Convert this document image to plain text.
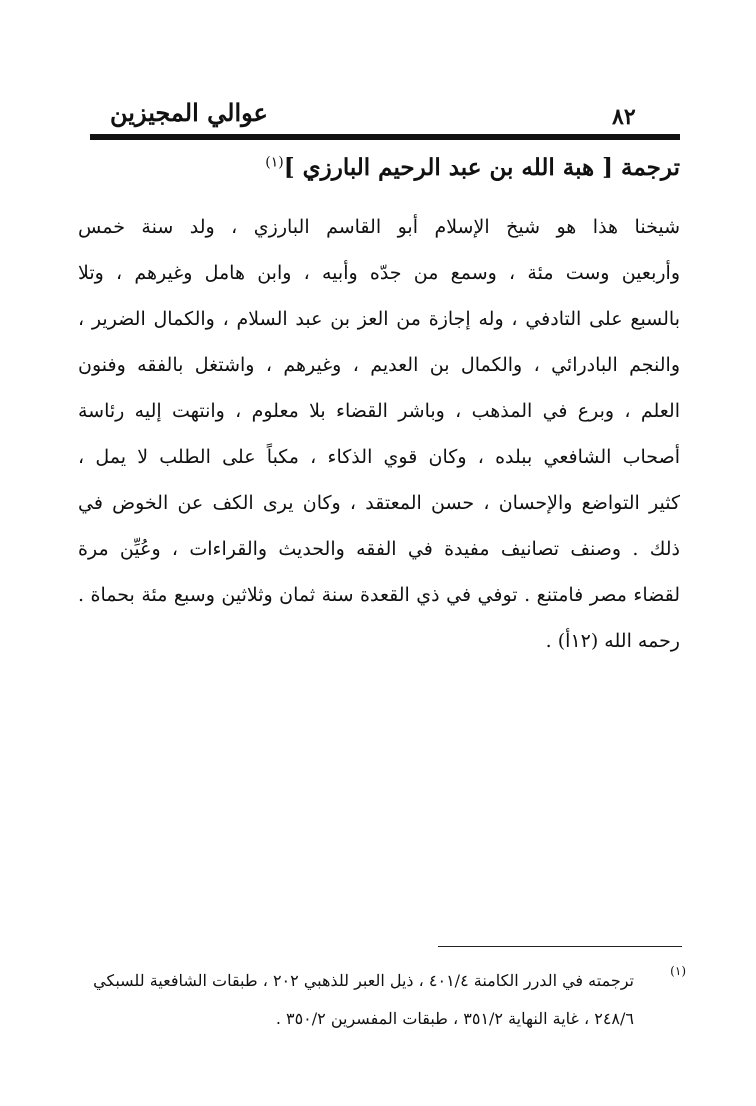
عوالي المجيزين	٨٢
ترجمة [ هبة الله بن عبد الرحيم البارزي ]$^{(١)}$
شيخنا هذا هو شيخ الإسلام أبو القاسم البارزي ، ولد سنة خمس
وأربعين وست مئة ، وسمع من جدّه وأبيه ، وابن هامل وغيرهم ، وتلا
بالسبع على التادفي ، وله إجازة من العز بن عبد السلام ، والكمال الضرير ،
والنجم البادرائي ، والكمال بن العديم ، وغيرهم ، واشتغل بالفقه وفنون
العلم ، وبرع في المذهب ، وباشر القضاء بلا معلوم ، وانتهت إليه رئاسة
أصحاب الشافعي ببلده ، وكان قوي الذكاء ، مكباً على الطلب لا يمل ،
كثير التواضع والإحسان ، حسن المعتقد ، وكان يرى الكف عن الخوض في
ذلك . وصنف تصانيف مفيدة في الفقه والحديث والقراءات ، وعُيِّن مرة
لقضاء مصر فامتنع . توفي في ذي القعدة سنة ثمان وثلاثين وسبع مئة بحماة .
رحمه الله (١٢أ) .
(١)
ترجمته في الدرر الكامنة ٤٠١/٤ ، ذيل العبر للذهبي ٢٠٢ ، طبقات الشافعية للسبكي
٢٤٨/٦ ، غاية النهاية ٣٥١/٢ ، طبقات المفسرين ٣٥٠/٢ .
